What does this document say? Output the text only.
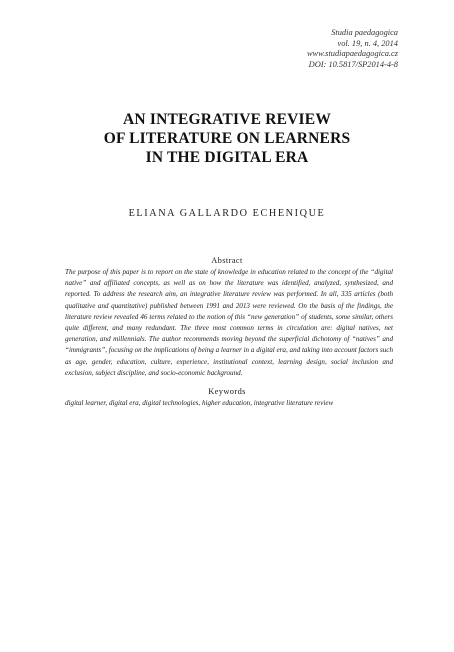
Studia paedagogica
vol. 19, n. 4, 2014
www.studiapaedagogica.cz
DOI: 10.5817/SP2014-4-8
AN INTEGRATIVE REVIEW
OF LITERATURE ON LEARNERS
IN THE DIGITAL ERA
ELIANA GALLARDO ECHENIQUE
Abstract
The purpose of this paper is to report on the state of knowledge in education related to the concept of the “digital native” and affiliated concepts, as well as on how the literature was identified, analyzed, synthesized, and reported. To address the research aim, an integrative literature review was performed. In all, 335 articles (both qualitative and quantitative) published between 1991 and 2013 were reviewed. On the basis of the findings, the literature review revealed 46 terms related to the notion of this “new generation” of students, some similar, others quite different, and many redundant. The three most common terms in circulation are: digital natives, net generation, and millennials. The author recommends moving beyond the superficial dichotomy of “natives” and “immigrants”, focusing on the implications of being a learner in a digital era, and taking into account factors such as age, gender, education, culture, experience, institutional context, learning design, social inclusion and exclusion, subject discipline, and socio-economic background.
Keywords
digital learner, digital era, digital technologies, higher education, integrative literature review
